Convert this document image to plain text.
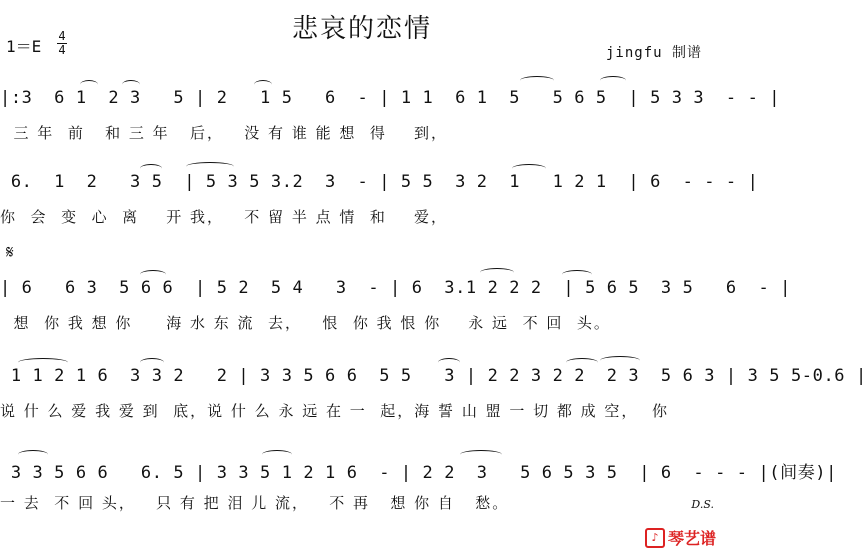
悲哀的恋情
1＝E
4
4	jingfu 制谱
|:3  6 1  2 3   5 | 2   1 5   6  - | 1 1  6 1  5   5 6 5  | 5 3 3  - - |
三 年  前   和 三 年   后，   没 有 谁 能 想  得    到，
6.  1  2   3 5  | 5 3 5 3.2  3  - | 5 5  3 2  1   1 2 1  | 6  - - - |
你  会  变  心  离    开 我，   不 留 半 点 情  和    爱，
𝄋
| 6   6 3  5 6 6  | 5 2  5 4   3  - | 6  3.1 2 2 2  | 5 6 5  3 5   6  - |
想  你 我 想 你     海 水 东 流  去，   恨  你 我 恨 你    永 远  不 回  头。
1 1 2 1 6  3 3 2   2 | 3 3 5 6 6  5 5   3 | 2 2 3 2 2  2 3  5 6 3 | 3 5 5-0.6 |
说 什 么 爱 我 爱 到  底，说 什 么 永 远 在 一  起，海 誓 山 盟 一 切 都 成 空，  你
3 3 5 6 6   6. 5 | 3 3 5 1 2 1 6  - | 2 2  3   5 6 5 3 5  | 6  - - - |(间奏)|
一 去  不 回 头，   只 有 把 泪 儿 流，   不 再   想 你 自   愁。	D.S.
♪ 琴艺谱
